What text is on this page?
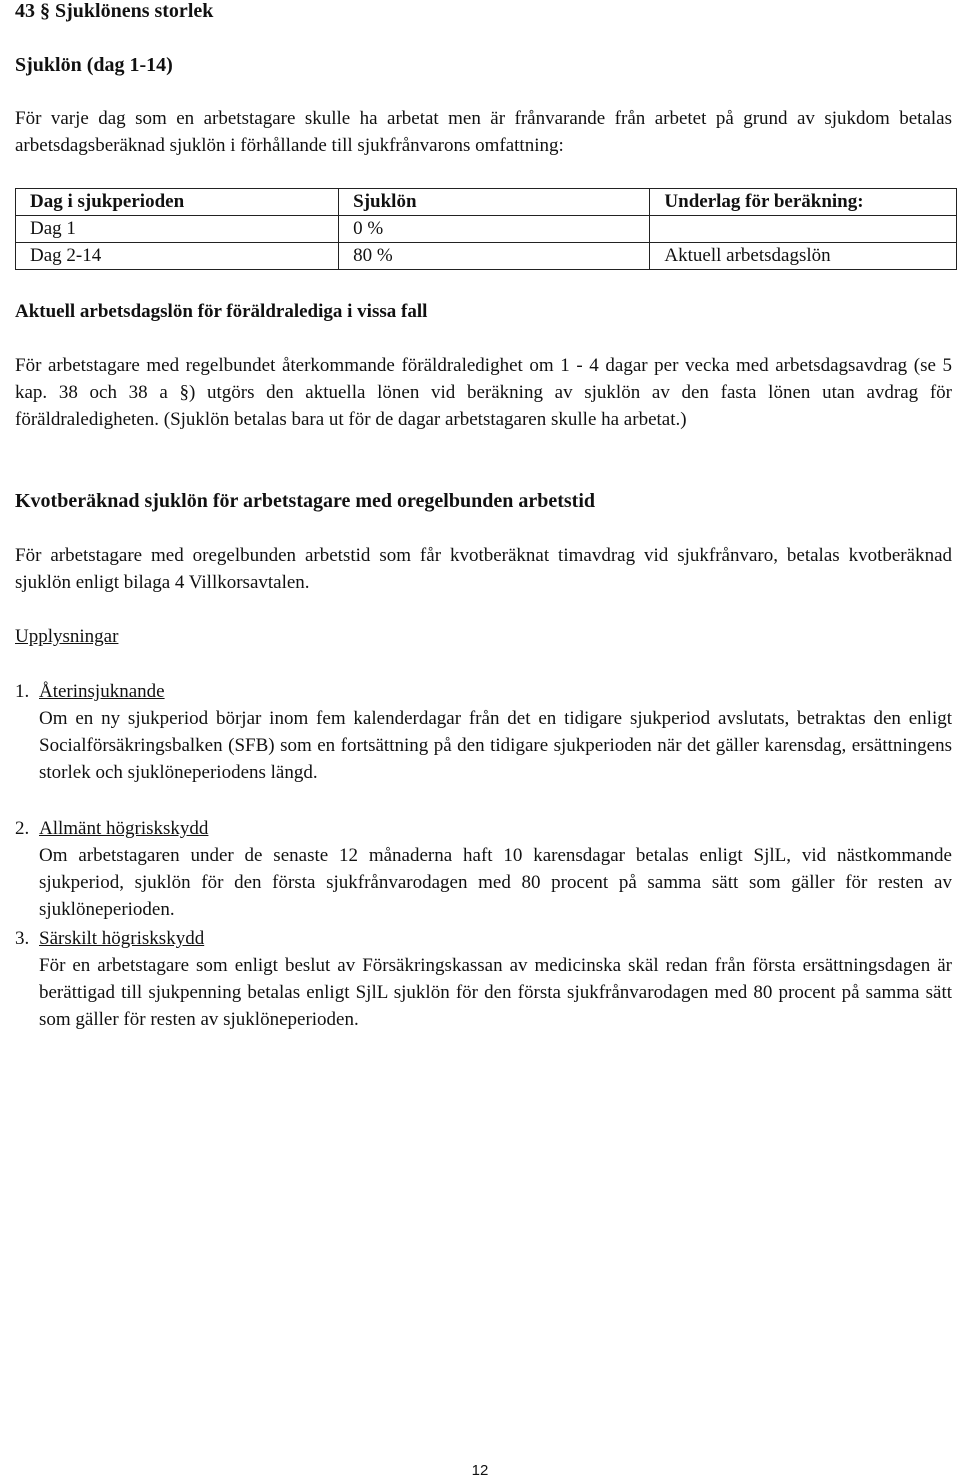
43 § Sjuklönens storlek

Sjuklön (dag 1-14)

För varje dag som en arbetstagare skulle ha arbetat men är frånvarande från arbetet på grund av sjukdom betalas arbetsdagsberäknad sjuklön i förhållande till sjukfrånvarons omfattning:

Dag i sjukperioden	Sjuklön	Underlag för beräkning:
Dag 1	0 %	
Dag 2-14	80 %	Aktuell arbetsdagslön

Aktuell arbetsdagslön för föräldralediga i vissa fall

För arbetstagare med regelbundet återkommande föräldraledighet om 1 - 4 dagar per vecka med arbetsdagsavdrag (se 5 kap. 38 och 38 a §) utgörs den aktuella lönen vid beräkning av sjuklön av den fasta lönen utan avdrag för föräldraledigheten. (Sjuklön betalas bara ut för de dagar arbetstagaren skulle ha arbetat.)

Kvotberäknad sjuklön för arbetstagare med oregelbunden arbetstid

För arbetstagare med oregelbunden arbetstid som får kvotberäknat timavdrag vid sjukfrånvaro, betalas kvotberäknad sjuklön enligt bilaga 4 Villkorsavtalen.

Upplysningar

1. Återinsjuknande

Om en ny sjukperiod börjar inom fem kalenderdagar från det en tidigare sjukperiod avslutats, betraktas den enligt Socialförsäkringsbalken (SFB) som en fortsättning på den tidigare sjukperioden när det gäller karensdag, ersättningens storlek och sjuklöneperiodens längd.

2. Allmänt högriskskydd

Om arbetstagaren under de senaste 12 månaderna haft 10 karensdagar betalas enligt SjlL, vid nästkommande sjukperiod, sjuklön för den första sjukfrånvarodagen med 80 procent på samma sätt som gäller för resten av sjuklöneperioden.

3. Särskilt högriskskydd

För en arbetstagare som enligt beslut av Försäkringskassan av medicinska skäl redan från första ersättningsdagen är berättigad till sjukpenning betalas enligt SjlL sjuklön för den första sjukfrånvarodagen med 80 procent på samma sätt som gäller för resten av sjuklöneperioden.

12
